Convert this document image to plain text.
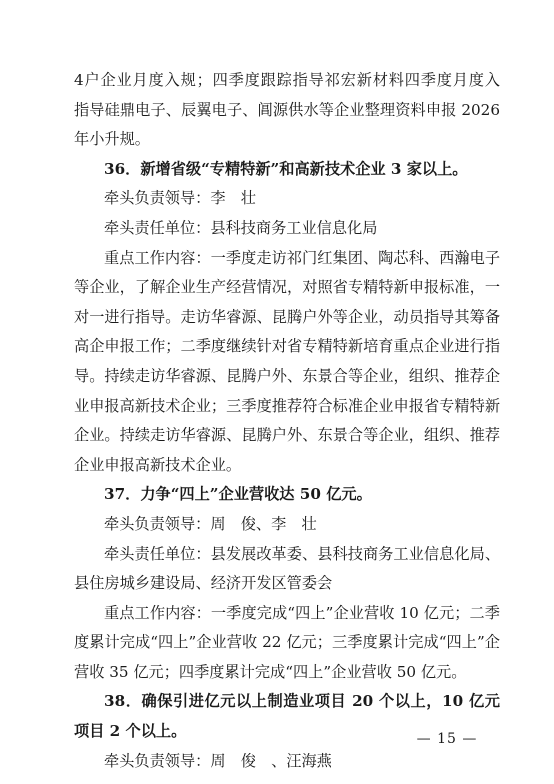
4户企业月度入规；四季度跟踪指导祁宏新材料四季度月度入
指导硅鼎电子、辰翼电子、阊源供水等企业整理资料申报 2026
年小升规。
36．新增省级“专精特新”和高新技术企业 3 家以上。
牵头负责领导：李　壮
牵头责任单位：县科技商务工业信息化局
重点工作内容：一季度走访祁门红集团、陶芯科、西瀚电子
等企业，了解企业生产经营情况，对照省专精特新申报标准，一
对一进行指导。走访华睿源、昆腾户外等企业，动员指导其筹备
高企申报工作；二季度继续针对省专精特新培育重点企业进行指
导。持续走访华睿源、昆腾户外、东景合等企业，组织、推荐企
业申报高新技术企业；三季度推荐符合标准企业申报省专精特新
企业。持续走访华睿源、昆腾户外、东景合等企业，组织、推荐
企业申报高新技术企业。
37．力争“四上”企业营收达 50 亿元。
牵头负责领导：周　俊、李　壮
牵头责任单位：县发展改革委、县科技商务工业信息化局、
县住房城乡建设局、经济开发区管委会
重点工作内容：一季度完成“四上”企业营收 10 亿元；二季
度累计完成“四上”企业营收 22 亿元；三季度累计完成“四上”企
营收 35 亿元；四季度累计完成“四上”企业营收 50 亿元。
38．确保引进亿元以上制造业项目 20 个以上，10 亿元
项目 2 个以上。
牵头负责领导：周　俊　、汪海燕
— 15 —
